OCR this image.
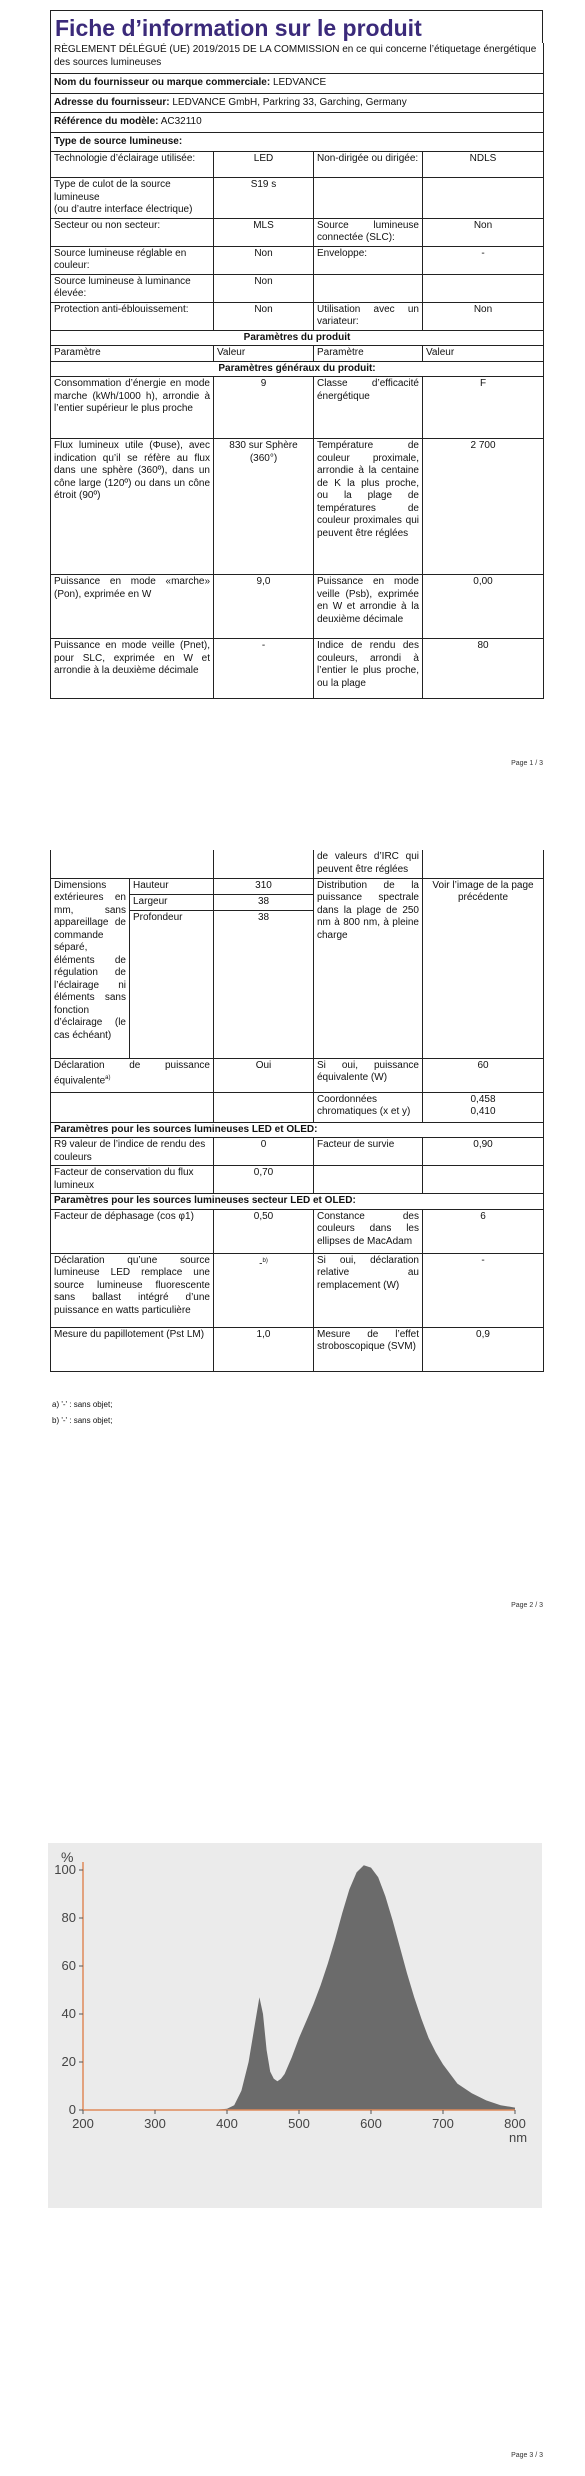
Fiche d’information sur le produit
RÈGLEMENT DÉLÉGUÉ (UE) 2019/2015 DE LA COMMISSION en ce qui concerne l’étiquetage énergétique des sources lumineuses			
Nom du fournisseur ou marque commerciale: LEDVANCE			
Adresse du fournisseur: LEDVANCE GmbH, Parkring 33, Garching, Germany			
Référence du modèle: AC32110			
Type de source lumineuse:			
Technologie d’éclairage utilisée:	LED	Non-dirigée ou dirigée:	NDLS
Type de culot de la source lumineuse
(ou d’autre interface électrique)	S19 s		
Secteur ou non secteur:	MLS	Source lumineuse connectée (SLC):	Non
Source lumineuse réglable en couleur:	Non	Enveloppe:	-
Source lumineuse à luminance élevée:	Non		
Protection anti-éblouissement:	Non	Utilisation avec un variateur:	Non
Paramètres du produit			
Paramètre	Valeur	Paramètre	Valeur
Paramètres généraux du produit:			
Consommation d’énergie en mode marche (kWh/1000 h), arrondie à l’entier supérieur le plus proche	9	Classe d’efficacité énergétique	F
Flux lumineux utile (Φuse), avec indication qu’il se réfère au flux dans une sphère (360º), dans un cône large (120º) ou dans un cône étroit (90º)	830 sur Sphère (360°)	Température de couleur proximale, arrondie à la centaine de K la plus proche, ou la plage de températures de couleur proximales qui peuvent être réglées	2 700
Puissance en mode «marche» (Pon), exprimée en W	9,0	Puissance en mode veille (Psb), exprimée en W et arrondie à la deuxième décimale	0,00
Puissance en mode veille (Pnet), pour SLC, exprimée en W et arrondie à la deuxième décimale	-	Indice de rendu des couleurs, arrondi à l’entier le plus proche, ou la plage	80
Page 1 / 3
			de valeurs d’IRC qui peuvent être réglées	
Dimensions extérieures en mm, sans appareillage de commande séparé, éléments de régulation de l’éclairage ni éléments sans fonction d’éclairage (le cas échéant)	Hauteur	310	Distribution de la puissance spectrale dans la plage de 250 nm à 800 nm, à pleine charge	Voir l’image de la page précédente
	Largeur	38		
	Profondeur	38		

Déclaration de puissance équivalente$^{a)}$		Oui	Si oui, puissance équivalente (W)	60
			Coordonnées chromatiques (x et y)	0,458
0,410

Paramètres pour les sources lumineuses LED et OLED:				
R9 valeur de l’indice de rendu des couleurs		0	Facteur de survie	0,90
Facteur de conservation du flux lumineux		0,70		
Paramètres pour les sources lumineuses secteur LED et OLED:				
Facteur de déphasage (cos φ1)		0,50	Constance des couleurs dans les ellipses de MacAdam	6
Déclaration qu’une source lumineuse LED remplace une source lumineuse fluorescente sans ballast intégré d’une puissance en watts particulière		-$^{b)}$	Si oui, déclaration relative au remplacement (W)	-
Mesure du papillotement (Pst LM)		1,0	Mesure de l’effet stroboscopique (SVM)	0,9
a) '-' : sans objet;
b) '-' : sans objet;
Page 2 / 3
0
20
40
60
80
100
200	300	400	500	600	700	800
%
nm
Page 3 / 3
